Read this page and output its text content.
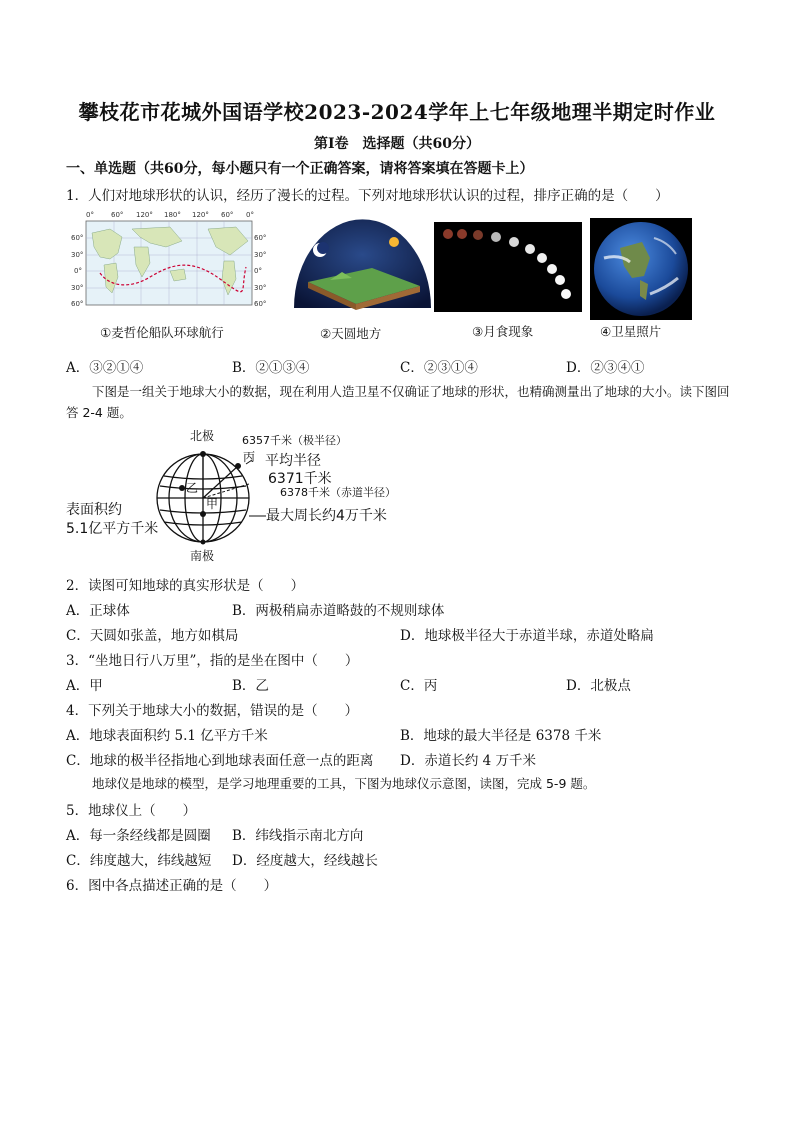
攀枝花市花城外国语学校2023-2024学年上七年级地理半期定时作业
第Ⅰ卷　选择题（共60分）
一、单选题（共60分，每小题只有一个正确答案，请将答案填在答题卡上）
1．人们对地球形状的认识，经历了漫长的过程。下列对地球形状认识的过程，排序正确的是（　　）
0° 60° 120° 180° 120° 60° 0°
60°
30°
0°
30°
60°
60°
30°
0°
30°
60°
①麦哲伦船队环球航行	②天圆地方	③月食现象	④卫星照片
A．③②①④	B．②①③④	C．②③①④	D．②③④①
下图是一组关于地球大小的数据，现在利用人造卫星不仅确证了地球的形状，也精确测量出了地球的大小。读下图回答 2-4 题。
北极	6357千米（极半径）
丙 平均半径
6371千米
6378千米（赤道半径）
乙
甲
表面积约
5.1亿平方千米
最大周长约4万千米
南极
2．读图可知地球的真实形状是（　　）
A．正球体	B．两极稍扁赤道略鼓的不规则球体
C．天圆如张盖，地方如棋局	D．地球极半径大于赤道半球，赤道处略扁
3．“坐地日行八万里”，指的是坐在图中（　　）
A．甲	B．乙	C．丙	D．北极点
4．下列关于地球大小的数据，错误的是（　　）
A．地球表面积约 5.1 亿平方千米	B．地球的最大半径是 6378 千米
C．地球的极半径指地心到地球表面任意一点的距离 D．赤道长约 4 万千米
地球仪是地球的模型，是学习地理重要的工具，下图为地球仪示意图，读图，完成 5-9 题。
5．地球仪上（　　）
A．每一条经线都是圆圈 B．纬线指示南北方向
C．纬度越大，纬线越短 D．经度越大，经线越长
6．图中各点描述正确的是（　　）
